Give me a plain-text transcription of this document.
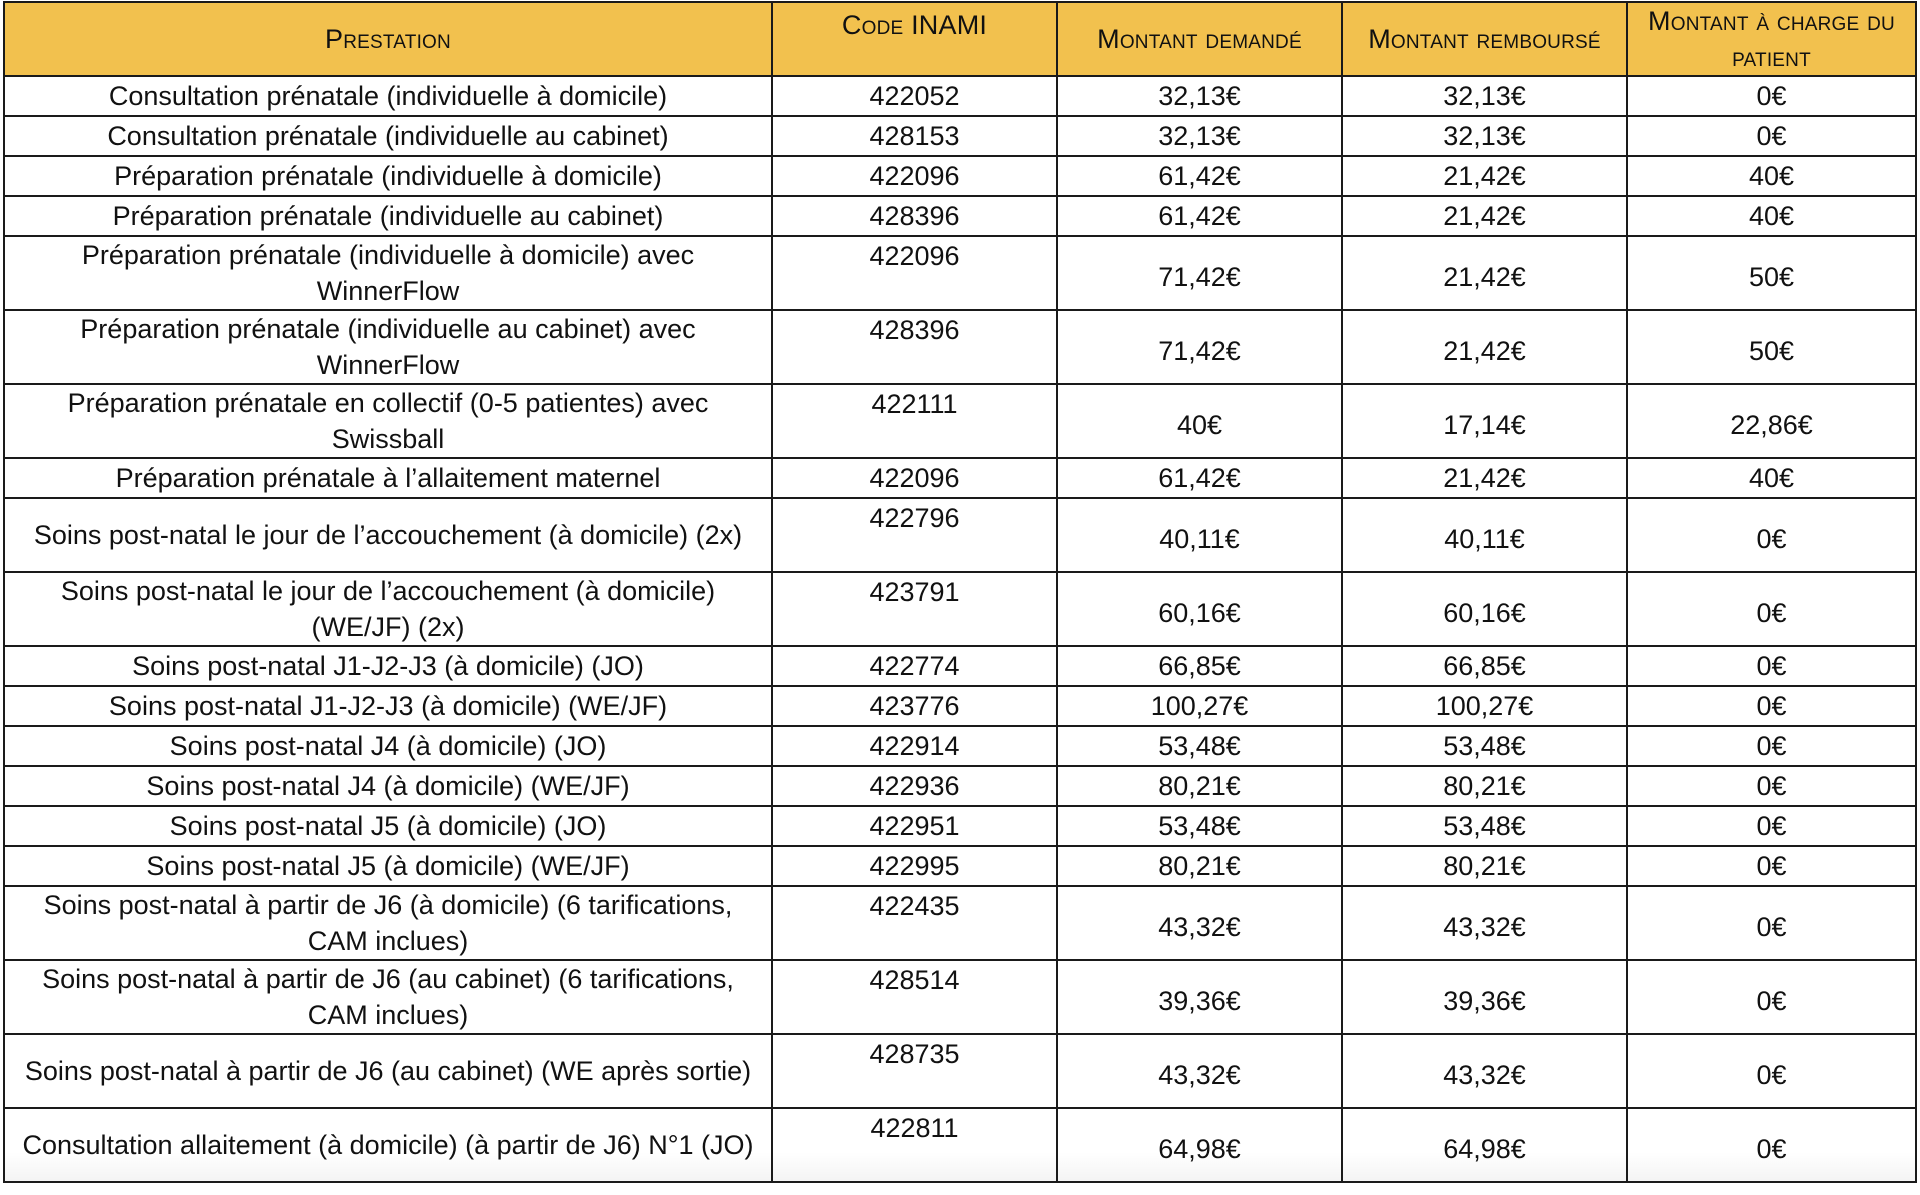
Prestation	Code INAMI	Montant demandé	Montant remboursé	Montant à charge du patient
Consultation prénatale (individuelle à domicile)	422052	32,13€	32,13€	0€
Consultation prénatale (individuelle au cabinet)	428153	32,13€	32,13€	0€
Préparation prénatale (individuelle à domicile)	422096	61,42€	21,42€	40€
Préparation prénatale (individuelle au cabinet)	428396	61,42€	21,42€	40€
Préparation prénatale (individuelle à domicile) avec WinnerFlow	422096	71,42€	21,42€	50€
Préparation prénatale (individuelle au cabinet) avec WinnerFlow	428396	71,42€	21,42€	50€
Préparation prénatale en collectif (0-5 patientes) avec Swissball	422111	40€	17,14€	22,86€
Préparation prénatale à l’allaitement maternel	422096	61,42€	21,42€	40€
Soins post-natal le jour de l’accouchement (à domicile) (2x)	422796	40,11€	40,11€	0€
Soins post-natal le jour de l’accouchement (à domicile) (WE/JF) (2x)	423791	60,16€	60,16€	0€
Soins post-natal J1-J2-J3 (à domicile) (JO)	422774	66,85€	66,85€	0€
Soins post-natal J1-J2-J3 (à domicile) (WE/JF)	423776	100,27€	100,27€	0€
Soins post-natal J4 (à domicile) (JO)	422914	53,48€	53,48€	0€
Soins post-natal J4 (à domicile) (WE/JF)	422936	80,21€	80,21€	0€
Soins post-natal J5 (à domicile) (JO)	422951	53,48€	53,48€	0€
Soins post-natal J5 (à domicile) (WE/JF)	422995	80,21€	80,21€	0€
Soins post-natal à partir de J6 (à domicile) (6 tarifications, CAM inclues)	422435	43,32€	43,32€	0€
Soins post-natal à partir de J6 (au cabinet) (6 tarifications, CAM inclues)	428514	39,36€	39,36€	0€
Soins post-natal à partir de J6 (au cabinet) (WE après sortie)	428735	43,32€	43,32€	0€
Consultation allaitement (à domicile) (à partir de J6) N°1 (JO)	422811	64,98€	64,98€	0€
